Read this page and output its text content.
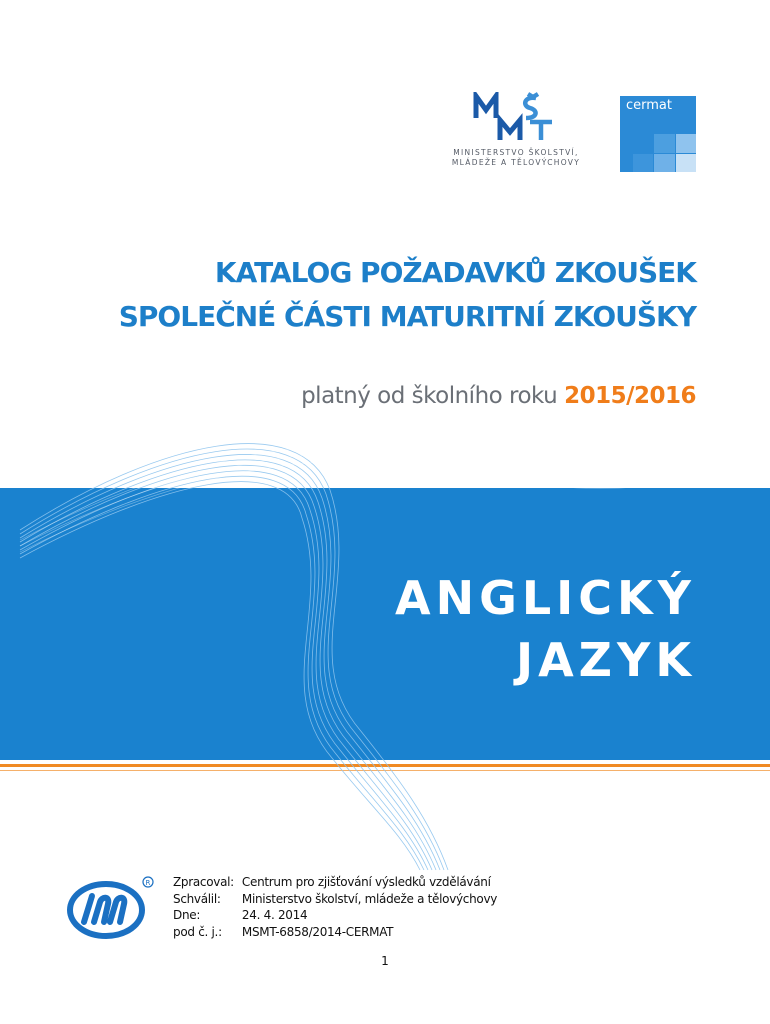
MINISTERSTVO ŠKOLSTVÍ,
MLÁDEŽE A TĚLOVÝCHOVY
cermat
KATALOG POŽADAVKŮ ZKOUŠEK
SPOLEČNÉ ČÁSTI MATURITNÍ ZKOUŠKY
platný od školního roku 2015/2016
ANGLICKÝ
JAZYK
R Zpracoval:	Centrum pro zjišťování výsledků vzdělávání
Schválil:	Ministerstvo školství, mládeže a tělovýchovy
Dne:	24. 4. 2014
pod č. j.:	MSMT-6858/2014-CERMAT
1
